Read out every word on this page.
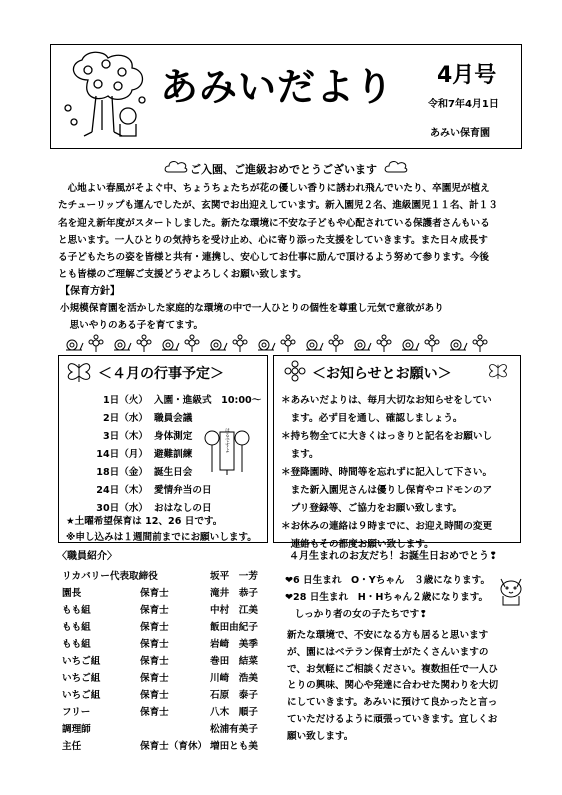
あみいだより 4月号
令和7年4月1日
あみい保育園
ご入園、ご進級おめでとうございます

　心地よい春風がそよぐ中、ちょうちょたちが花の優しい香りに誘われ飛んでいたり、卒園児が植え

たチューリップも運んでしたが、玄関でお出迎えしています。新入園児２名、進級園児１１名、計１３

名を迎え新年度がスタートしました。新たな環境に不安な子どもや心配されている保護者さんもいる

と思います。一人ひとりの気持ちを受け止め、心に寄り添った支援をしていきます。また日々成長す

る子どもたちの姿を皆様と共有・連携し、安心してお仕事に励んで頂けるよう努めて参ります。今後

とも皆様のご理解ご支援どうぞよろしくお願い致します。

【保育方針】

小規模保育園を活かした家庭的な環境の中で一人ひとりの個性を尊重し元気で意欲があり

　思いやりのある子を育てます。

＜４月の行事予定＞
1日（火） 入園・進級式　10:00～
2日（水） 職員会議
3日（木） 身体測定
14日（月） 避難訓練
18日（金） 誕生日会
24日（木） 愛情弁当の日
30日（水） おはなしの日
はるですよ

★土曜希望保育は 12、26 日です。

※申し込みは１週間前までにお願いします。

＜お知らせとお願い＞

＊あみいだよりは、毎月大切なお知らせをしてい

　ます。必ず目を通し、確認しましょう。

＊持ち物全てに大きくはっきりと記名をお願いし

　ます。

＊登降園時、時間等を忘れずに記入して下さい。

　また新入園児さんは優りし保育やコドモンのア

　プリ登録等、ご協力をお願い致します。

＊お休みの連絡は９時までに、お迎え時間の変更

　連絡もその都度お願い致します。

〈職員紹介〉
リカバリー代表取締役	坂平　一芳
園長	保育士	滝井　恭子
もも組	保育士	中村　江美
もも組	保育士	飯田由紀子
もも組	保育士	岩崎　美季
いちご組	保育士	巻田　結菜
いちご組	保育士	川崎　浩美
いちご組	保育士	石原　泰子
フリー	保育士	八木　順子
調理師	松浦有美子
主任	保育士（育休） 増田とも美
４月生まれのお友だち！お誕生日おめでとう❢

❤6 日生まれ　O・Yちゃん　３歳になります。

❤28 日生まれ　H・Hちゃん２歳になります。

　しっかり者の女の子たちです❢

新たな環境で、不安になる方も居ると思います

が、園にはベテラン保育士がたくさんいますの

で、お気軽にご相談ください。複数担任で一人ひ

とりの興味、関心や発達に合わせた関わりを大切

にしていきます。あみいに預けて良かったと言っ

ていただけるように頑張っていきます。宜しくお

願い致します。
